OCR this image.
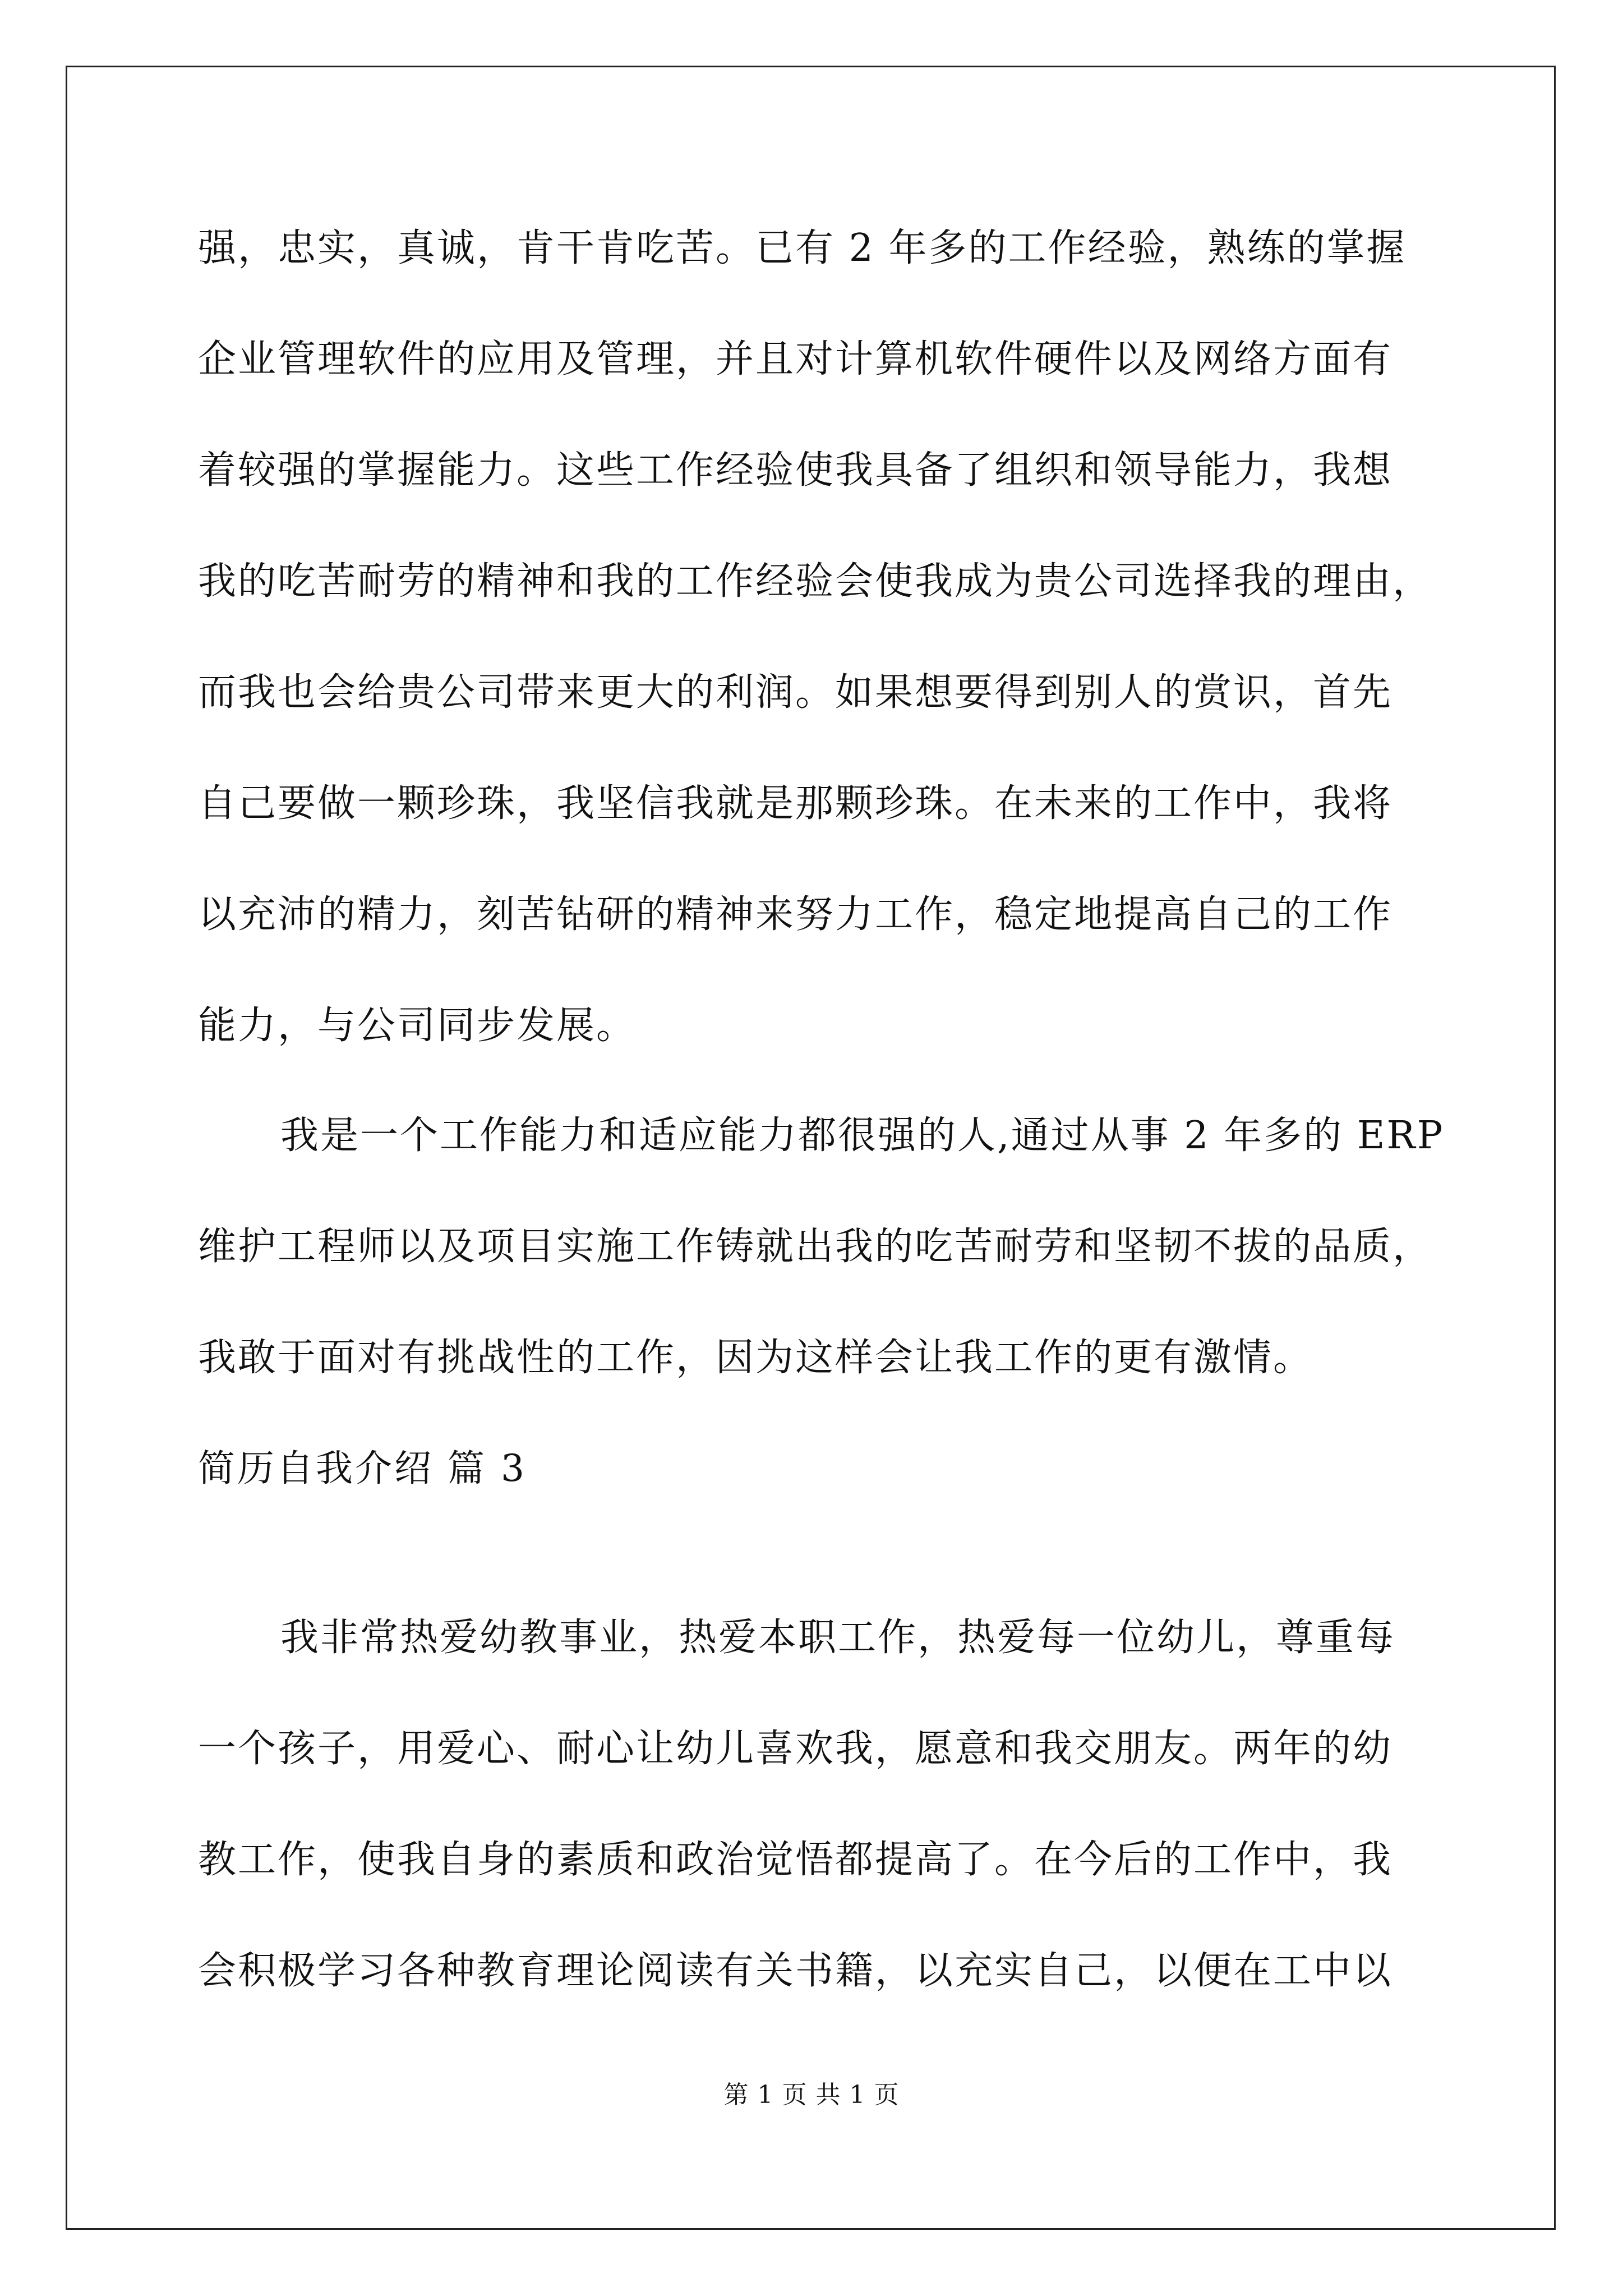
强，忠实，真诚，肯干肯吃苦。已有 2 年多的工作经验，熟练的掌握
企业管理软件的应用及管理，并且对计算机软件硬件以及网络方面有
着较强的掌握能力。这些工作经验使我具备了组织和领导能力，我想
我的吃苦耐劳的精神和我的工作经验会使我成为贵公司选择我的理由，
而我也会给贵公司带来更大的利润。如果想要得到别人的赏识，首先
自己要做一颗珍珠，我坚信我就是那颗珍珠。在未来的工作中，我将
以充沛的精力，刻苦钻研的精神来努力工作，稳定地提高自己的工作
能力，与公司同步发展。
我是一个工作能力和适应能力都很强的人,通过从事 2 年多的 ERP
维护工程师以及项目实施工作铸就出我的吃苦耐劳和坚韧不拔的品质，
我敢于面对有挑战性的工作，因为这样会让我工作的更有激情。
简历自我介绍 篇 3
我非常热爱幼教事业，热爱本职工作，热爱每一位幼儿，尊重每
一个孩子，用爱心、耐心让幼儿喜欢我，愿意和我交朋友。两年的幼
教工作，使我自身的素质和政治觉悟都提高了。在今后的工作中，我
会积极学习各种教育理论阅读有关书籍，以充实自己，以便在工中以
第 1 页 共 1 页
